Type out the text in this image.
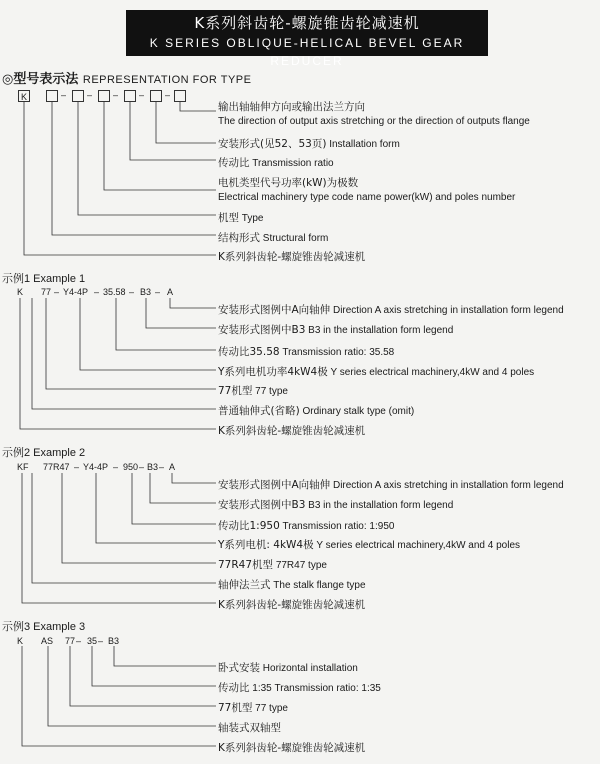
K系列斜齿轮-螺旋锥齿轮减速机
K SERIES OBLIQUE-HELICAL BEVEL GEAR REDUCER
◎型号表示法 REPRESENTATION FOR TYPE
K	– – – – –
输出轴轴伸方向或输出法兰方向
The direction of output axis stretching or the direction of outputs flange
安装形式(见52、53页) Installation form
传动比 Transmission ratio
电机类型代号功率(kW)为极数
Electrical machinery type code name power(kW) and poles number
机型 Type
结构形式 Structural form
K系列斜齿轮-螺旋锥齿轮减速机
示例1 Example 1
K 77 – Y4-4P – 35.58 – B3 – A
安装形式图例中A向轴伸 Direction A axis stretching in installation form legend
安装形式图例中B3 B3 in the installation form legend
传动比35.58 Transmission ratio: 35.58
Y系列电机功率4kW4极 Y series electrical machinery,4kW and 4 poles
77机型 77 type
普通轴伸式(省略) Ordinary stalk type (omit)
K系列斜齿轮-螺旋锥齿轮减速机
示例2 Example 2
KF 77R47 – Y4-4P – 950 – B3 – A
安装形式图例中A向轴伸 Direction A axis stretching in installation form legend
安装形式图例中B3 B3 in the installation form legend
传动比1:950 Transmission ratio: 1:950
Y系列电机: 4kW4极 Y series electrical machinery,4kW and 4 poles
77R47机型 77R47 type
轴伸法兰式 The stalk flange type
K系列斜齿轮-螺旋锥齿轮减速机
示例3 Example 3
K AS 77 – 35 – B3
卧式安装 Horizontal installation
传动比 1:35 Transmission ratio: 1:35
77机型 77 type
轴装式双轴型
K系列斜齿轮-螺旋锥齿轮减速机
